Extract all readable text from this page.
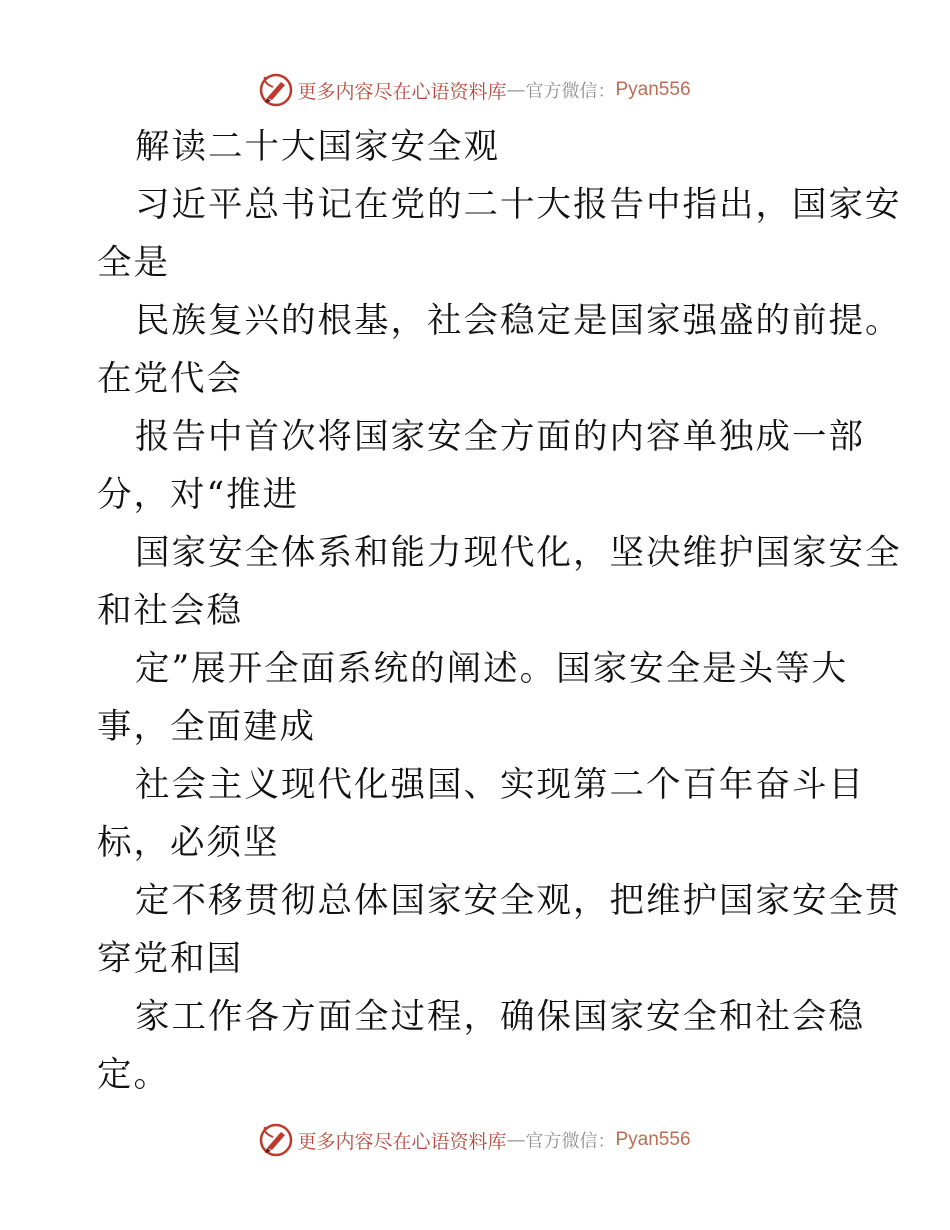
更多内容尽在心语资料库 — 官方微信： Pyan556
解读二十大国家安全观
习近平总书记在党的二十大报告中指出，国家安
全是
民族复兴的根基，社会稳定是国家强盛的前提。
在党代会
报告中首次将国家安全方面的内容单独成一部
分，对“推进
国家安全体系和能力现代化，坚决维护国家安全
和社会稳
定”展开全面系统的阐述。国家安全是头等大
事，全面建成
社会主义现代化强国、实现第二个百年奋斗目
标，必须坚
定不移贯彻总体国家安全观，把维护国家安全贯
穿党和国
家工作各方面全过程，确保国家安全和社会稳
定。
更多内容尽在心语资料库 — 官方微信： Pyan556
